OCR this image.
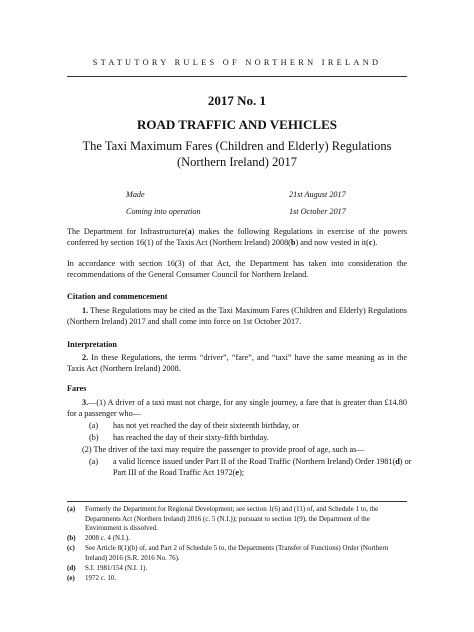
STATUTORY RULES OF NORTHERN IRELAND
2017 No. 1
ROAD TRAFFIC AND VEHICLES
The Taxi Maximum Fares (Children and Elderly) Regulations
(Northern Ireland) 2017
Made	21st August 2017
Coming into operation	1st October 2017

The Department for Infrastructure(a) makes the following Regulations in exercise of the powers conferred by section 16(1) of the Taxis Act (Northern Ireland) 2008(b) and now vested in it(c).

In accordance with section 16(3) of that Act, the Department has taken into consideration the recommendations of the General Consumer Council for Northern Ireland.

Citation and commencement

1. These Regulations may be cited as the Taxi Maximum Fares (Children and Elderly) Regulations (Northern Ireland) 2017 and shall come into force on 1st October 2017.

Interpretation

2. In these Regulations, the terms “driver”, “fare”, and “taxi” have the same meaning as in the Taxis Act (Northern Ireland) 2008.

Fares

3.—(1) A driver of a taxi must not charge, for any single journey, a fare that is greater than £14.80 for a passenger who—

(a) has not yet reached the day of their sixteenth birthday, or
(b) has reached the day of their sixty-fifth birthday.

(2) The driver of the taxi may require the passenger to provide proof of age, such as—

(a) a valid licence issued under Part II of the Road Traffic (Northern Ireland) Order 1981(d) or Part III of the Road Traffic Act 1972(e);
(a) Formerly the Department for Regional Development; see section 1(6) and (11) of, and Schedule 1 to, the Departments Act (Northern Ireland) 2016 (c. 5 (N.I.)); pursuant to section 1(9), the Department of the Environment is dissolved.
(b) 2008 c. 4 (N.I.).
(c) See Article 8(1)(b) of, and Part 2 of Schedule 5 to, the Departments (Transfer of Functions) Order (Northern Ireland) 2016 (S.R. 2016 No. 76).
(d) S.I. 1981/154 (N.I. 1).
(e) 1972 c. 10.
